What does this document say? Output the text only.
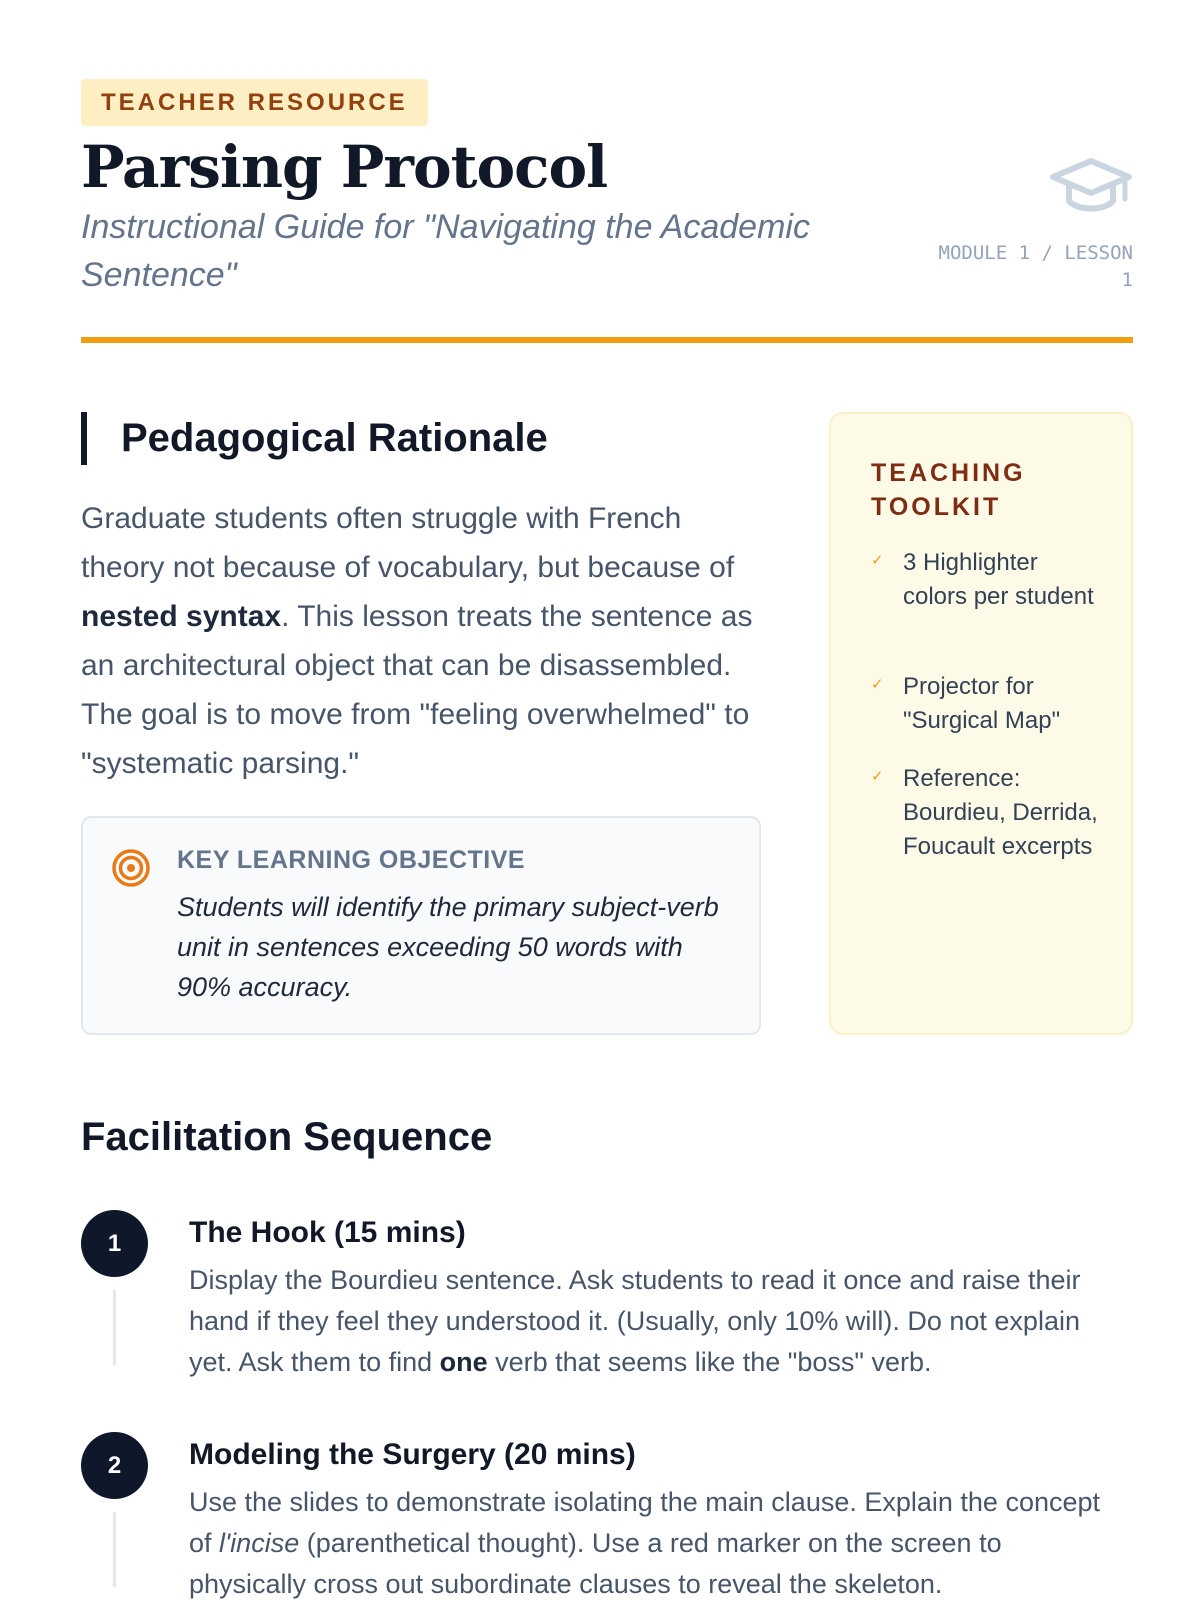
TEACHER RESOURCE
Parsing Protocol
Instructional Guide for "Navigating the Academic Sentence"
MODULE 1 / LESSON 1
Pedagogical Rationale

Graduate students often struggle with French theory not because of vocabulary, but because of nested syntax. This lesson treats the sentence as an architectural object that can be disassembled. The goal is to move from "feeling overwhelmed" to "systematic parsing."

KEY LEARNING OBJECTIVE
Students will identify the primary subject-verb unit in sentences exceeding 50 words with 90% accuracy.
TEACHING TOOLKIT
✓ 3 Highlighter colors per student
✓ Projector for "Surgical Map"
✓ Reference: Bourdieu, Derrida, Foucault excerpts
Facilitation Sequence
1	The Hook (15 mins)

Display the Bourdieu sentence. Ask students to read it once and raise their hand if they feel they understood it. (Usually, only 10% will). Do not explain yet. Ask them to find one verb that seems like the "boss" verb.

2	Modeling the Surgery (20 mins)

Use the slides to demonstrate isolating the main clause. Explain the concept of l'incise (parenthetical thought). Use a red marker on the screen to physically cross out subordinate clauses to reveal the skeleton.
